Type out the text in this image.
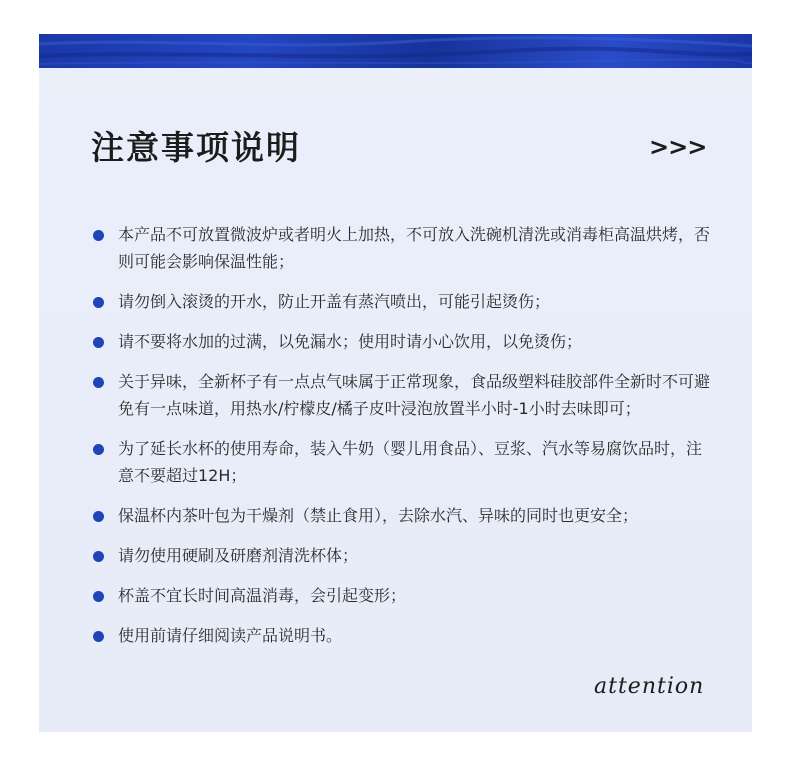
注意事项说明	>>>
本产品不可放置微波炉或者明火上加热，不可放入洗碗机清洗或消毒柜高温烘烤，否则可能会影响保温性能；
请勿倒入滚烫的开水，防止开盖有蒸汽喷出，可能引起烫伤；
请不要将水加的过满，以免漏水；使用时请小心饮用，以免烫伤；
关于异味，全新杯子有一点点气味属于正常现象，食品级塑料硅胶部件全新时不可避免有一点味道，用热水/柠檬皮/橘子皮叶浸泡放置半小时-1小时去味即可；
为了延长水杯的使用寿命，装入牛奶（婴儿用食品）、豆浆、汽水等易腐饮品时，注意不要超过12H；
保温杯内茶叶包为干燥剂（禁止食用），去除水汽、异味的同时也更安全；
请勿使用硬刷及研磨剂清洗杯体；
杯盖不宜长时间高温消毒，会引起变形；
使用前请仔细阅读产品说明书。
attention
